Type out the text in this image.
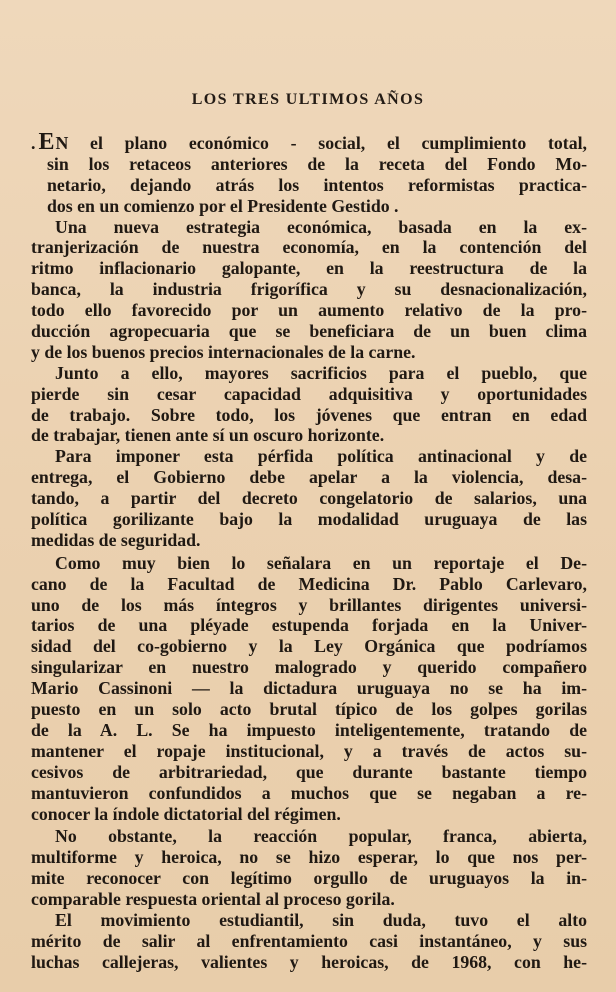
LOS TRES ULTIMOS AÑOS
. EN el plano económico - social, el cumplimiento total,
sin los retaceos anteriores de la receta del Fondo Mo-
netario, dejando atrás los intentos reformistas practica-
dos en un comienzo por el Presidente Gestido .
Una nueva estrategia económica, basada en la ex-
tranjerización de nuestra economía, en la contención del
ritmo inflacionario galopante, en la reestructura de la
banca, la industria frigorífica y su desnacionalización,
todo ello favorecido por un aumento relativo de la pro-
ducción agropecuaria que se beneficiara de un buen clima
y de los buenos precios internacionales de la carne.
Junto a ello, mayores sacrificios para el pueblo, que
pierde sin cesar capacidad adquisitiva y oportunidades
de trabajo. Sobre todo, los jóvenes que entran en edad
de trabajar, tienen ante sí un oscuro horizonte.
Para imponer esta pérfida política antinacional y de
entrega, el Gobierno debe apelar a la violencia, desa-
tando, a partir del decreto congelatorio de salarios, una
política gorilizante bajo la modalidad uruguaya de las
medidas de seguridad.
Como muy bien lo señalara en un reportaje el De-
cano de la Facultad de Medicina Dr. Pablo Carlevaro,
uno de los más íntegros y brillantes dirigentes universi-
tarios de una pléyade estupenda forjada en la Univer-
sidad del co-gobierno y la Ley Orgánica que podríamos
singularizar en nuestro malogrado y querido compañero
Mario Cassinoni — la dictadura uruguaya no se ha im-
puesto en un solo acto brutal típico de los golpes gorilas
de la A. L. Se ha impuesto inteligentemente, tratando de
mantener el ropaje institucional, y a través de actos su-
cesivos de arbitrariedad, que durante bastante tiempo
mantuvieron confundidos a muchos que se negaban a re-
conocer la índole dictatorial del régimen.
No obstante, la reacción popular, franca, abierta,
multiforme y heroica, no se hizo esperar, lo que nos per-
mite reconocer con legítimo orgullo de uruguayos la in-
comparable respuesta oriental al proceso gorila.
El movimiento estudiantil, sin duda, tuvo el alto
mérito de salir al enfrentamiento casi instantáneo, y sus
luchas callejeras, valientes y heroicas, de 1968, con he-
